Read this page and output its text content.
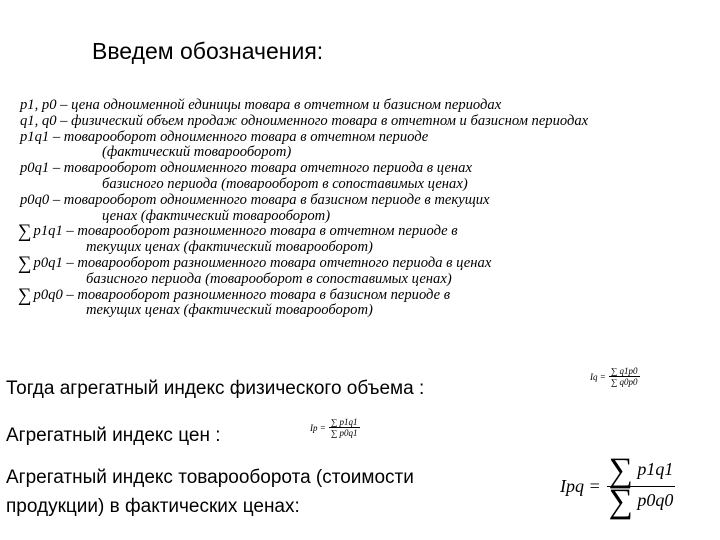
Введем обозначения:
p1, p0 – цена одноименной единицы товара в отчетном и базисном периодах
q1, q0 – физический объем продаж одноименного товара в отчетном и базисном периодах
p1q1 – товарооборот одноименного товара в отчетном периоде
(фактический товарооборот)
p0q1 – товарооборот одноименного товара отчетного периода в ценах
базисного периода (товарооборот в сопоставимых ценах)
p0q0 – товарооборот одноименного товара в базисном периоде в текущих
ценах (фактический товарооборот)
∑ p1q1 – товарооборот разноименного товара в отчетном периоде в
текущих ценах (фактический товарооборот)
∑ p0q1 – товарооборот разноименного товара отчетного периода в ценах
базисного периода (товарооборот в сопоставимых ценах)
∑ p0q0 – товарооборот разноименного товара в базисном периоде в
текущих ценах (фактический товарооборот)
Тогда агрегатный индекс физического объема :
$Iq = \frac{\sum q1p0}{\sum q0p0}$
Агрегатный индекс цен :	$Ip = \frac{\sum p1q1}{\sum p0q1}$
Агрегатный индекс товарооборота (стоимости
продукции) в фактических ценах:
Ipq = $\frac{\sum p1q1}{\sum p0q0}$
